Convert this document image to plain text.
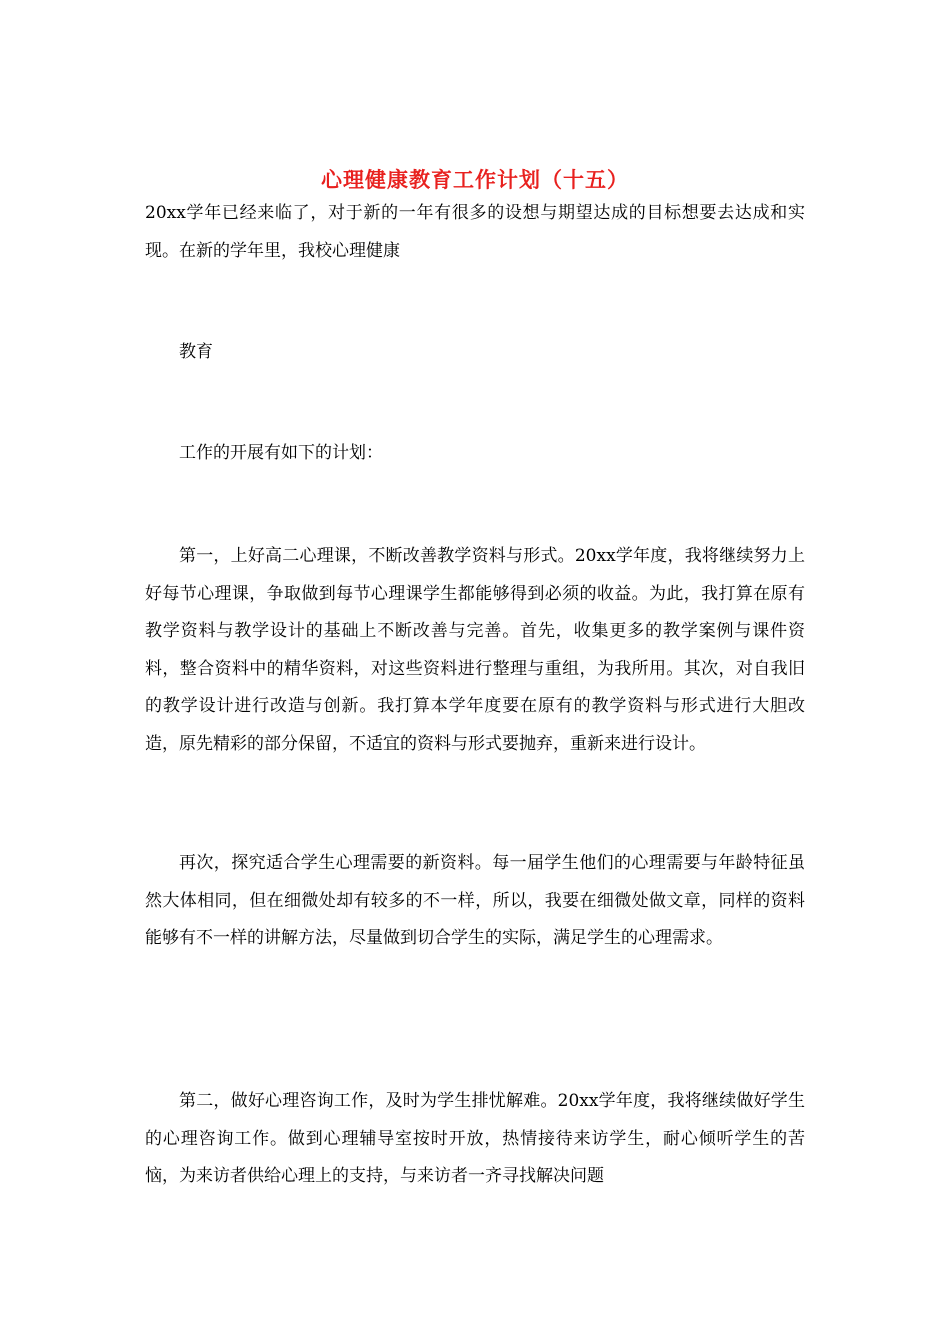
心理健康教育工作计划（十五）

20xx学年已经来临了，对于新的一年有很多的设想与期望达成的目标想要去达成和实现。在新的学年里，我校心理健康

教育

工作的开展有如下的计划：

第一，上好高二心理课，不断改善教学资料与形式。20xx学年度，我将继续努力上好每节心理课，争取做到每节心理课学生都能够得到必须的收益。为此，我打算在原有教学资料与教学设计的基础上不断改善与完善。首先，收集更多的教学案例与课件资料，整合资料中的精华资料，对这些资料进行整理与重组，为我所用。其次，对自我旧的教学设计进行改造与创新。我打算本学年度要在原有的教学资料与形式进行大胆改造，原先精彩的部分保留，不适宜的资料与形式要抛弃，重新来进行设计。

再次，探究适合学生心理需要的新资料。每一届学生他们的心理需要与年龄特征虽然大体相同，但在细微处却有较多的不一样，所以，我要在细微处做文章，同样的资料能够有不一样的讲解方法，尽量做到切合学生的实际，满足学生的心理需求。

第二，做好心理咨询工作，及时为学生排忧解难。20xx学年度，我将继续做好学生的心理咨询工作。做到心理辅导室按时开放，热情接待来访学生，耐心倾听学生的苦恼，为来访者供给心理上的支持，与来访者一齐寻找解决问题
